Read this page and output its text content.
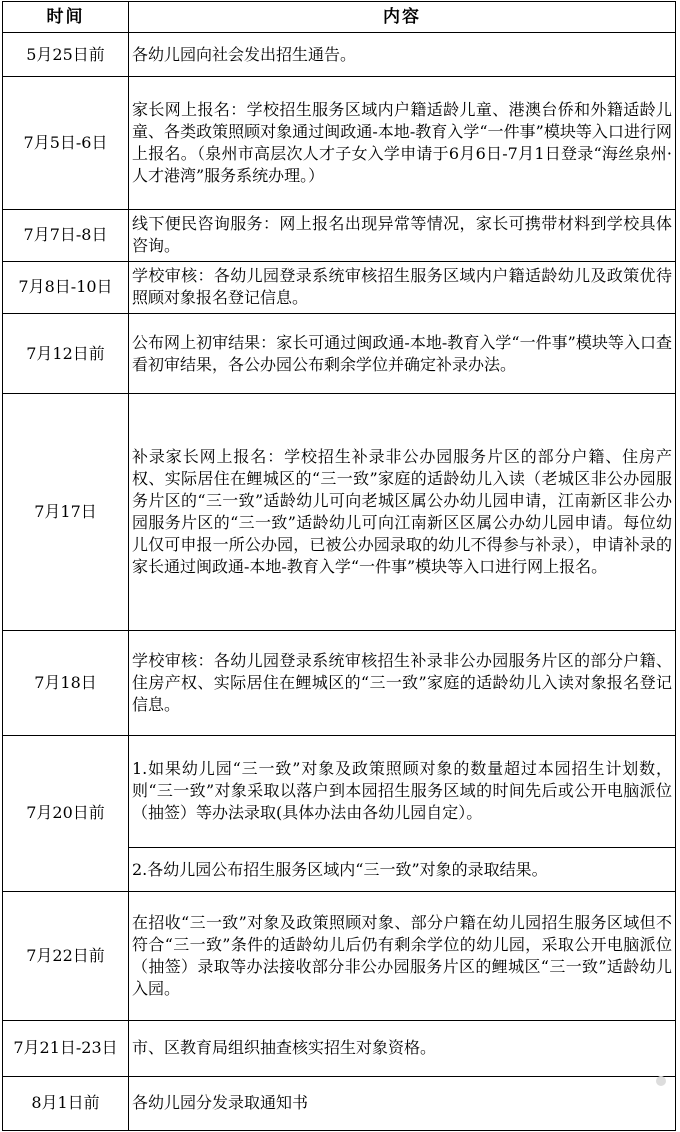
时间	内容
5月25日前	各幼儿园向社会发出招生通告。
7月5日-6日	家长网上报名：学校招生服务区域内户籍适龄儿童、港澳台侨和外籍适龄儿童、各类政策照顾对象通过闽政通-本地-教育入学“一件事”模块等入口进行网上报名。（泉州市高层次人才子女入学申请于6月6日-7月1日登录“海丝泉州·人才港湾”服务系统办理。）
7月7日-8日	线下便民咨询服务：网上报名出现异常等情况，家长可携带材料到学校具体咨询。
7月8日-10日	学校审核：各幼儿园登录系统审核招生服务区域内户籍适龄幼儿及政策优待照顾对象报名登记信息。
7月12日前	公布网上初审结果：家长可通过闽政通-本地-教育入学“一件事”模块等入口查看初审结果，各公办园公布剩余学位并确定补录办法。
7月17日	补录家长网上报名：学校招生补录非公办园服务片区的部分户籍、住房产权、实际居住在鲤城区的“三一致”家庭的适龄幼儿入读（老城区非公办园服务片区的“三一致”适龄幼儿可向老城区属公办幼儿园申请，江南新区非公办园服务片区的“三一致”适龄幼儿可向江南新区区属公办幼儿园申请。每位幼儿仅可申报一所公办园，已被公办园录取的幼儿不得参与补录），申请补录的家长通过闽政通-本地-教育入学“一件事”模块等入口进行网上报名。
7月18日	学校审核：各幼儿园登录系统审核招生补录非公办园服务片区的部分户籍、住房产权、实际居住在鲤城区的“三一致”家庭的适龄幼儿入读对象报名登记信息。
7月20日前	1.如果幼儿园“三一致”对象及政策照顾对象的数量超过本园招生计划数，则“三一致”对象采取以落户到本园招生服务区域的时间先后或公开电脑派位（抽签）等办法录取(具体办法由各幼儿园自定）。
	2.各幼儿园公布招生服务区域内“三一致”对象的录取结果。
7月22日前	在招收“三一致”对象及政策照顾对象、部分户籍在幼儿园招生服务区域但不符合“三一致”条件的适龄幼儿后仍有剩余学位的幼儿园，采取公开电脑派位（抽签）录取等办法接收部分非公办园服务片区的鲤城区“三一致”适龄幼儿入园。
7月21日-23日	市、区教育局组织抽查核实招生对象资格。
8月1日前	各幼儿园分发录取通知书
